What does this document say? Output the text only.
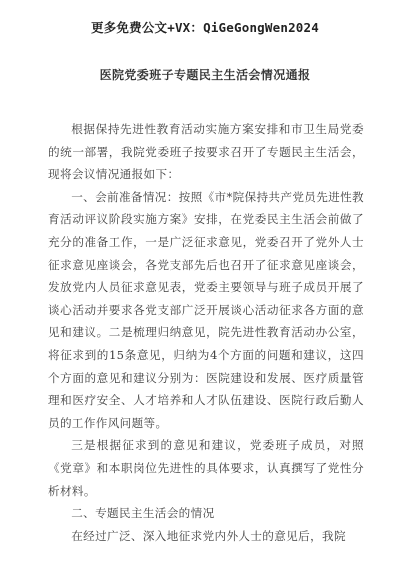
更多免费公文+VX：QiGeGongWen2024
医院党委班子专题民主生活会情况通报

根据保持先进性教育活动实施方案安排和市卫生局党委的统一部署，我院党委班子按要求召开了专题民主生活会，现将会议情况通报如下：

一、会前准备情况：按照《市*院保持共产党员先进性教育活动评议阶段实施方案》安排，在党委民主生活会前做了充分的准备工作，一是广泛征求意见，党委召开了党外人士征求意见座谈会，各党支部先后也召开了征求意见座谈会，发放党内人员征求意见表，党委主要领导与班子成员开展了谈心活动并要求各党支部广泛开展谈心活动征求各方面的意见和建议。二是梳理归纳意见，院先进性教育活动办公室，将征求到的15条意见，归纳为4个方面的问题和建议，这四个方面的意见和建议分别为：医院建设和发展、医疗质量管理和医疗安全、人才培养和人才队伍建设、医院行政后勤人员的工作作风问题等。

三是根据征求到的意见和建议，党委班子成员，对照《党章》和本职岗位先进性的具体要求，认真撰写了党性分析材料。

二、专题民主生活会的情况

在经过广泛、深入地征求党内外人士的意见后，我院
